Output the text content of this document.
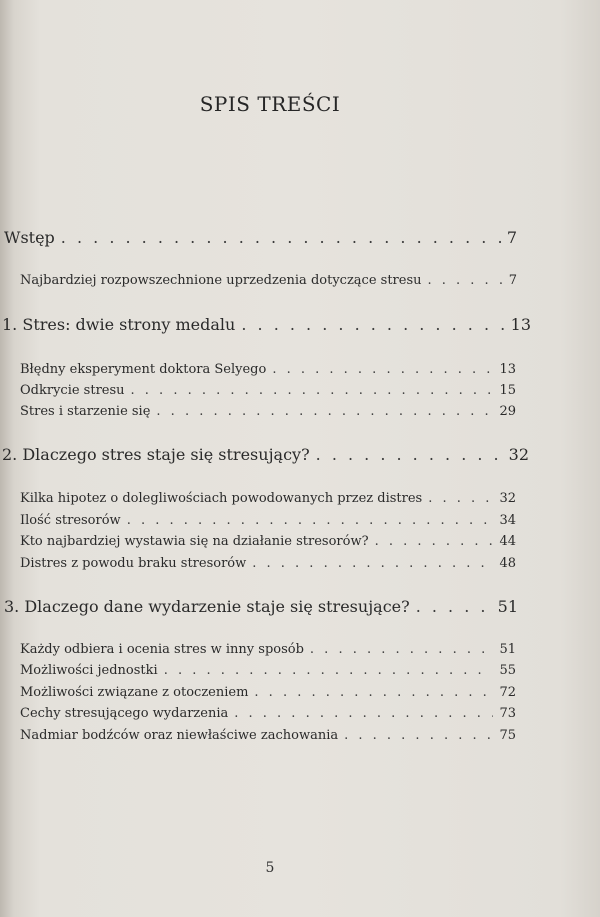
SPIS TREŚCI
Wstęp . . .	7
Najbardziej rozpowszechnione uprzedzenia dotyczące stresu . . .	7
1. Stres: dwie strony medalu . . .	13
Błędny eksperyment doktora Selyego . . .	13
Odkrycie stresu . . .	15
Stres i starzenie się . . .	29
2. Dlaczego stres staje się stresujący? . . .	32
Kilka hipotez o dolegliwościach powodowanych przez distres . . .	32
Ilość stresorów . . .	34
Kto najbardziej wystawia się na działanie stresorów? . . .	44
Distres z powodu braku stresorów . . .	48
3. Dlaczego dane wydarzenie staje się stresujące? . . .	51
Każdy odbiera i ocenia stres w inny sposób . . .	51
Możliwości jednostki . . .	55
Możliwości związane z otoczeniem . . .	72
Cechy stresującego wydarzenia . . .	73
Nadmiar bodźców oraz niewłaściwe zachowania . . .	75
5
